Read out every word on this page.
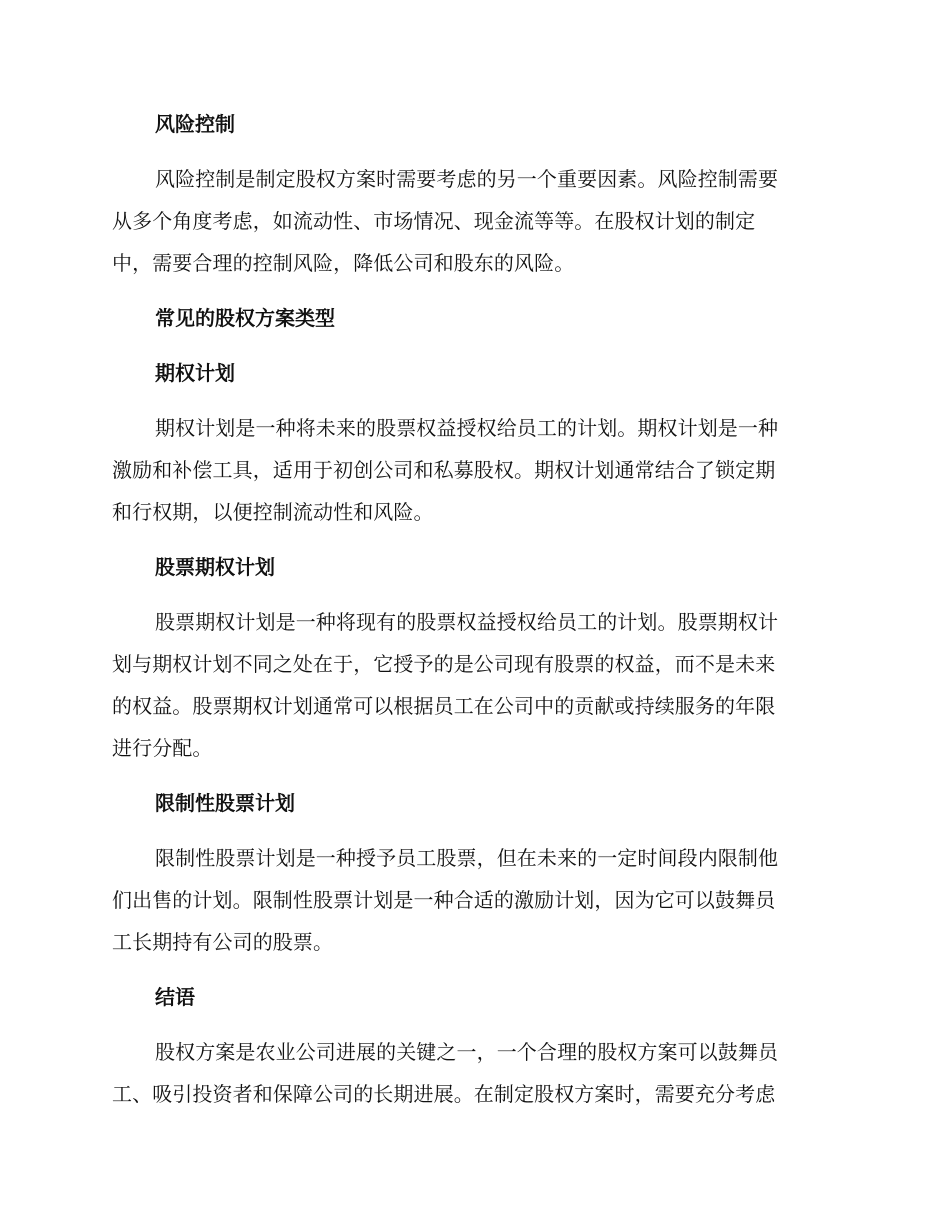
风险控制
风险控制是制定股权方案时需要考虑的另一个重要因素。风险控制需要
从多个角度考虑，如流动性、市场情况、现金流等等。在股权计划的制定
中，需要合理的控制风险，降低公司和股东的风险。
常见的股权方案类型
期权计划
期权计划是一种将未来的股票权益授权给员工的计划。期权计划是一种
激励和补偿工具，适用于初创公司和私募股权。期权计划通常结合了锁定期
和行权期，以便控制流动性和风险。
股票期权计划
股票期权计划是一种将现有的股票权益授权给员工的计划。股票期权计
划与期权计划不同之处在于，它授予的是公司现有股票的权益，而不是未来
的权益。股票期权计划通常可以根据员工在公司中的贡献或持续服务的年限
进行分配。
限制性股票计划
限制性股票计划是一种授予员工股票，但在未来的一定时间段内限制他
们出售的计划。限制性股票计划是一种合适的激励计划，因为它可以鼓舞员
工长期持有公司的股票。
结语
股权方案是农业公司进展的关键之一，一个合理的股权方案可以鼓舞员
工、吸引投资者和保障公司的长期进展。在制定股权方案时，需要充分考虑
